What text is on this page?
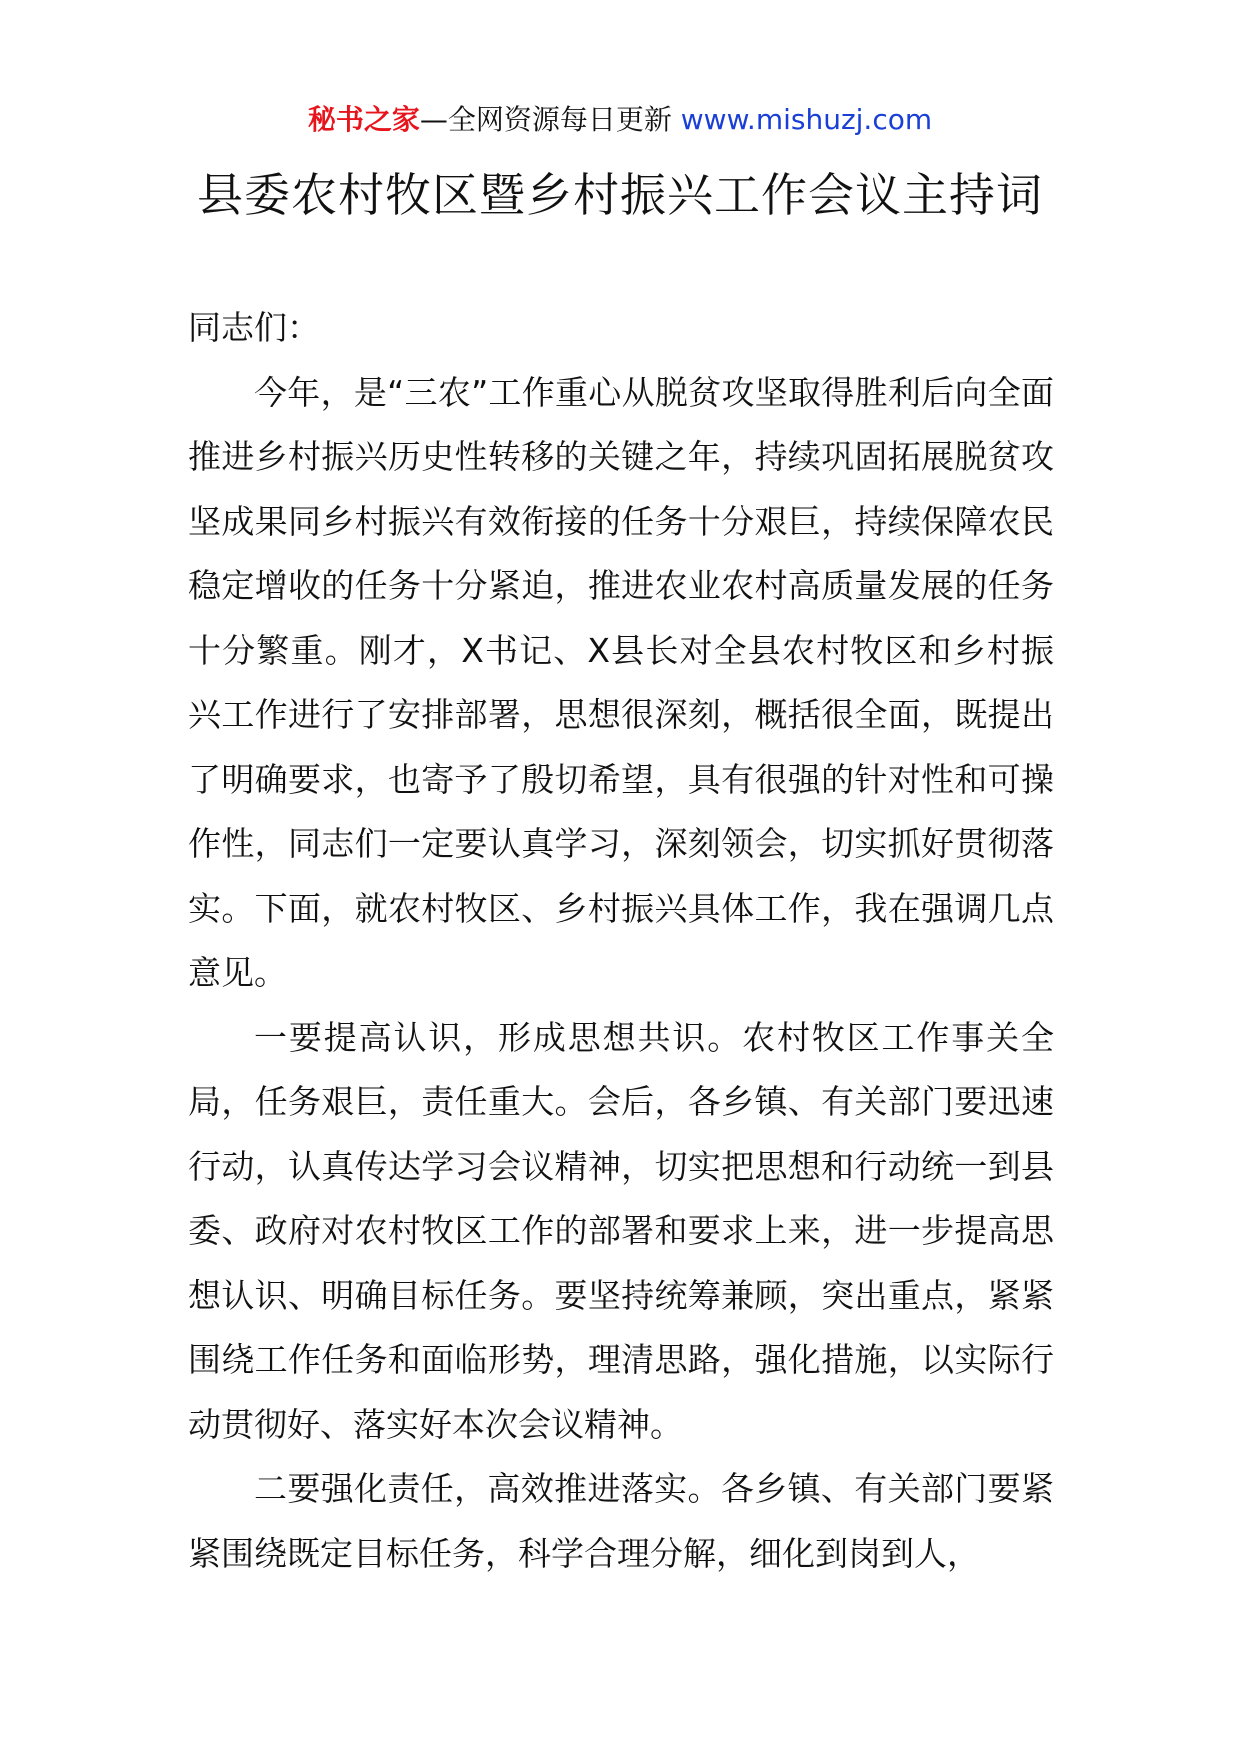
秘书之家—全网资源每日更新 www.mishuzj.com
县委农村牧区暨乡村振兴工作会议主持词

同志们：

今年，是“三农”工作重心从脱贫攻坚取得胜利后向全面推进乡村振兴历史性转移的关键之年，持续巩固拓展脱贫攻坚成果同乡村振兴有效衔接的任务十分艰巨，持续保障农民稳定增收的任务十分紧迫，推进农业农村高质量发展的任务十分繁重。刚才，X书记、X县长对全县农村牧区和乡村振兴工作进行了安排部署，思想很深刻，概括很全面，既提出了明确要求，也寄予了殷切希望，具有很强的针对性和可操作性，同志们一定要认真学习，深刻领会，切实抓好贯彻落实。下面，就农村牧区、乡村振兴具体工作，我在强调几点意见。

一要提高认识，形成思想共识。农村牧区工作事关全局，任务艰巨，责任重大。会后，各乡镇、有关部门要迅速行动，认真传达学习会议精神，切实把思想和行动统一到县委、政府对农村牧区工作的部署和要求上来，进一步提高思想认识、明确目标任务。要坚持统筹兼顾，突出重点，紧紧围绕工作任务和面临形势，理清思路，强化措施，以实际行动贯彻好、落实好本次会议精神。

二要强化责任，高效推进落实。各乡镇、有关部门要紧紧围绕既定目标任务，科学合理分解，细化到岗到人，
